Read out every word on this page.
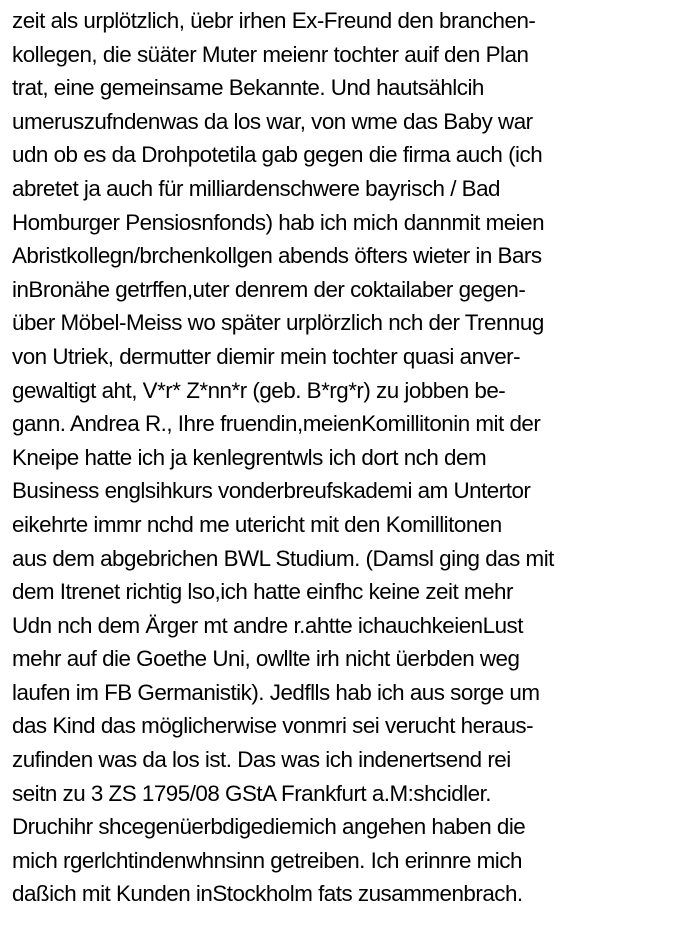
zeit als urplötzlich, üebr irhen Ex-Freund den branchen-
kollegen, die süäter Muter meienr tochter auif den Plan
trat, eine gemeinsame Bekannte. Und hautsählcih
umeruszufndenwas da los war, von wme das Baby war
udn ob es da Drohpotetila gab gegen die firma auch (ich
abretet ja auch für milliardenschwere bayrisch / Bad
Homburger Pensiosnfonds) hab ich mich dannmit meien
Abristkollegn/brchenkollgen abends öfters wieter in Bars
inBronähe getrffen,uter denrem der coktailaber gegen-
über Möbel-Meiss wo später urplörzlich nch der Trennug
von Utriek, dermutter diemir mein tochter quasi anver-
gewaltigt aht, V*r* Z*nn*r (geb. B*rg*r) zu jobben be-
gann. Andrea R., Ihre fruendin,meienKomillitonin mit der
Kneipe hatte ich ja kenlegrentwls ich dort nch dem
Business englsihkurs vonderbreufskademi am Untertor
eikehrte immr nchd me utericht mit den Komillitonen
aus dem abgebrichen BWL Studium. (Damsl ging das mit
dem Itrenet richtig lso,ich hatte einfhc keine zeit mehr
Udn nch dem Ärger mt andre r.ahtte ichauchkeienLust
mehr auf die Goethe Uni, owllte irh nicht üerbden weg
laufen im FB Germanistik). Jedflls hab ich aus sorge um
das Kind das möglicherwise vonmri sei verucht heraus-
zufinden was da los ist. Das was ich indenertsend rei
seitn zu 3 ZS 1795/08 GStA Frankfurt a.M:shcidler.
Druchihr shcegenüerbdigediemich angehen haben die
mich rgerlchtindenwhnsinn getreiben. Ich erinnre mich
daßich mit Kunden inStockholm fats zusammenbrach.
